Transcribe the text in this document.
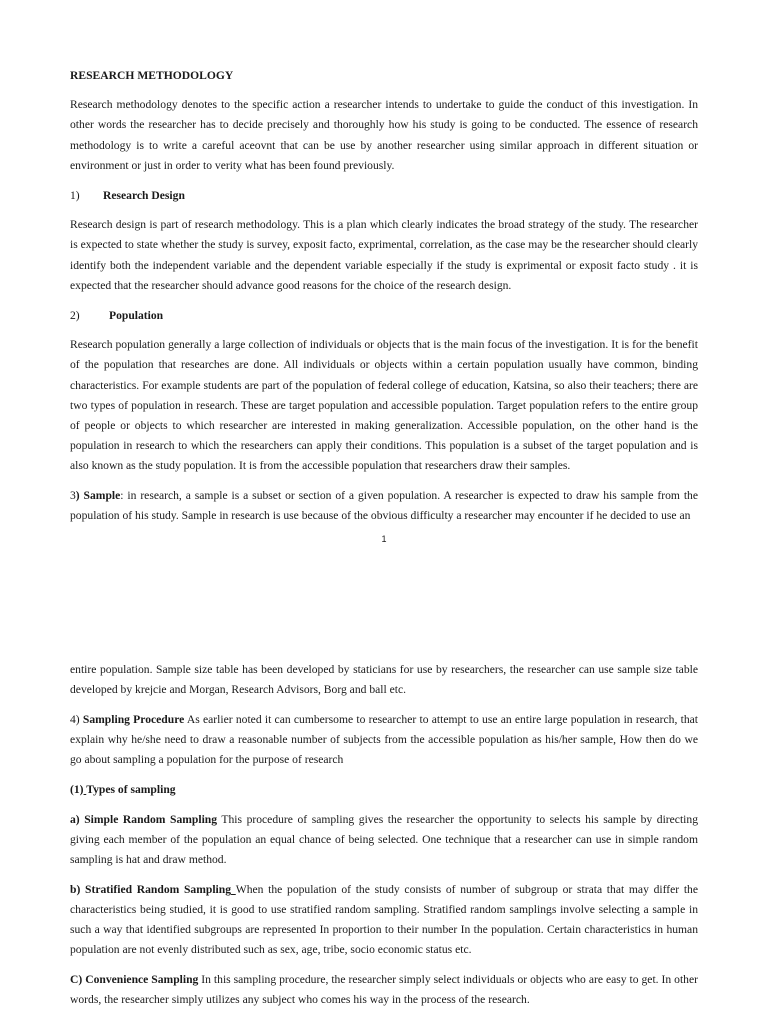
RESEARCH METHODOLOGY

Research methodology denotes to the specific action a researcher intends to undertake to guide the conduct of this investigation. In other words the researcher has to decide precisely and thoroughly how his study is going to be conducted. The essence of research methodology is to write a careful aceovnt that can be use by another researcher using similar approach in different situation or environment or just in order to verity what has been found previously.

1)	Research Design

Research design is part of research methodology. This is a plan which clearly indicates the broad strategy of the study. The researcher is expected to state whether the study is survey, exposit facto, exprimental, correlation, as the case may be the researcher should clearly identify both the independent variable and the dependent variable especially if the study is exprimental or exposit facto study . it is expected that the researcher should advance good reasons for the choice of the research design.

2)	Population

Research population generally a large collection of individuals or objects that is the main focus of the investigation. It is for the benefit of the population that researches are done. All individuals or objects within a certain population usually have common, binding characteristics. For example students are part of the population of federal college of education, Katsina, so also their teachers; there are two types of population in research. These are target population and accessible population. Target population refers to the entire group of people or objects to which researcher are interested in making generalization. Accessible population, on the other hand is the population in research to which the researchers can apply their conditions. This population is a subset of the target population and is also known as the study population. It is from the accessible population that researchers draw their samples.

3) Sample: in research, a sample is a subset or section of a given population. A researcher is expected to draw his sample from the population of his study. Sample in research is use because of the obvious difficulty a researcher may encounter if he decided to use an

1

entire population. Sample size table has been developed by staticians for use by researchers, the researcher can use sample size table developed by krejcie and Morgan, Research Advisors, Borg and ball etc.

4) Sampling Procedure As earlier noted it can cumbersome to researcher to attempt to use an entire large population in research, that explain why he/she need to draw a reasonable number of subjects from the accessible population as his/her sample, How then do we go about sampling a population for the purpose of research

(1) Types of sampling

a) Simple Random Sampling This procedure of sampling gives the researcher the opportunity to selects his sample by directing giving each member of the population an equal chance of being selected. One technique that a researcher can use in simple random sampling is hat and draw method.

b) Stratified Random Sampling When the population of the study consists of number of subgroup or strata that may differ the characteristics being studied, it is good to use stratified random sampling. Stratified random samplings involve selecting a sample in such a way that identified subgroups are represented In proportion to their number In the population. Certain characteristics in human population are not evenly distributed such as sex, age, tribe, socio economic status etc.

C) Convenience Sampling In this sampling procedure, the researcher simply select individuals or objects who are easy to get. In other words, the researcher simply utilizes any subject who comes his way in the process of the research.
